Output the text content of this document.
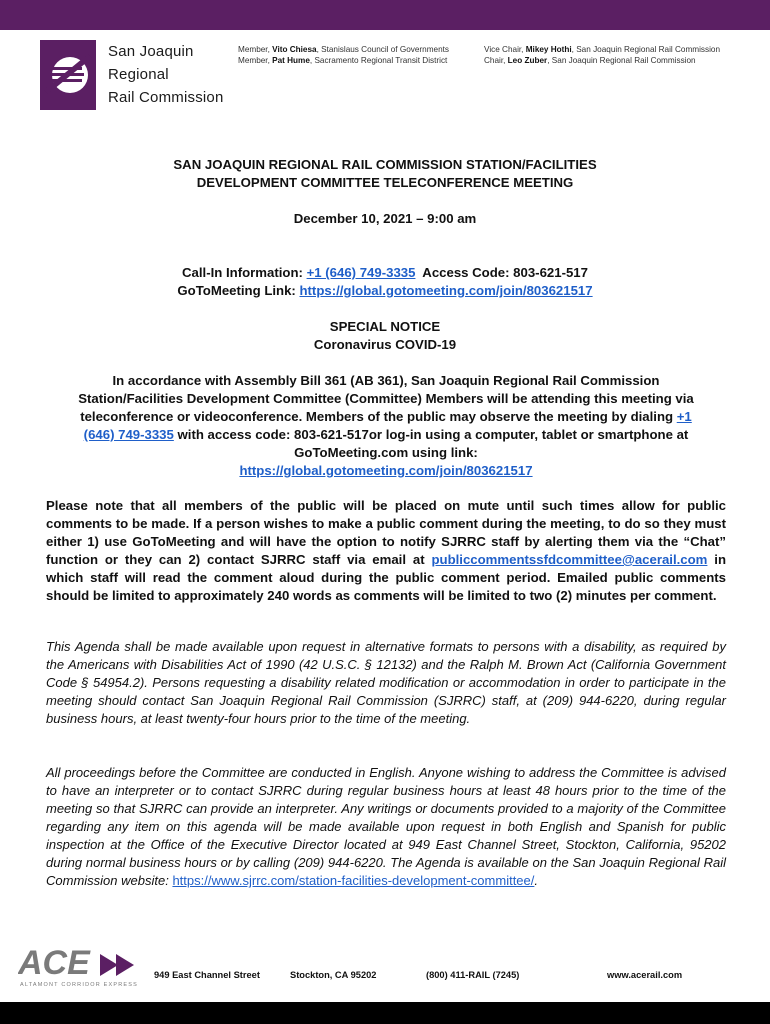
San Joaquin
Regional
Rail Commission
Member, Vito Chiesa, Stanislaus Council of Governments
Member, Pat Hume, Sacramento Regional Transit District
Vice Chair, Mikey Hothi, San Joaquin Regional Rail Commission
Chair, Leo Zuber, San Joaquin Regional Rail Commission
SAN JOAQUIN REGIONAL RAIL COMMISSION STATION/FACILITIES
DEVELOPMENT COMMITTEE TELECONFERENCE MEETING
December 10, 2021 – 9:00 am
Call-In Information: +1 (646) 749-3335  Access Code: 803-621-517
GoToMeeting Link: https://global.gotomeeting.com/join/803621517
SPECIAL NOTICE
Coronavirus COVID-19
In accordance with Assembly Bill 361 (AB 361), San Joaquin Regional Rail Commission Station/Facilities Development Committee (Committee) Members will be attending this meeting via teleconference or videoconference. Members of the public may observe the meeting by dialing +1 (646) 749-3335 with access code: 803-621-517or log-in using a computer, tablet or smartphone at GoToMeeting.com using link:
https://global.gotomeeting.com/join/803621517
Please note that all members of the public will be placed on mute until such times allow for public comments to be made. If a person wishes to make a public comment during the meeting, to do so they must either 1) use GoToMeeting and will have the option to notify SJRRC staff by alerting them via the “Chat” function or they can 2) contact SJRRC staff via email at publiccommentssfdcommittee@acerail.com in which staff will read the comment aloud during the public comment period. Emailed public comments should be limited to approximately 240 words as comments will be limited to two (2) minutes per comment.
This Agenda shall be made available upon request in alternative formats to persons with a disability, as required by the Americans with Disabilities Act of 1990 (42 U.S.C. § 12132) and the Ralph M. Brown Act (California Government Code § 54954.2). Persons requesting a disability related modification or accommodation in order to participate in the meeting should contact San Joaquin Regional Rail Commission (SJRRC) staff, at (209) 944-6220, during regular business hours, at least twenty-four hours prior to the time of the meeting.
All proceedings before the Committee are conducted in English. Anyone wishing to address the Committee is advised to have an interpreter or to contact SJRRC during regular business hours at least 48 hours prior to the time of the meeting so that SJRRC can provide an interpreter. Any writings or documents provided to a majority of the Committee regarding any item on this agenda will be made available upon request in both English and Spanish for public inspection at the Office of the Executive Director located at 949 East Channel Street, Stockton, California, 95202 during normal business hours or by calling (209) 944-6220. The Agenda is available on the San Joaquin Regional Rail Commission website: https://www.sjrrc.com/station-facilities-development-committee/.
ACE
ALTAMONT CORRIDOR EXPRESS
949 East Channel Street	Stockton, CA 95202	(800) 411-RAIL (7245)	www.acerail.com
